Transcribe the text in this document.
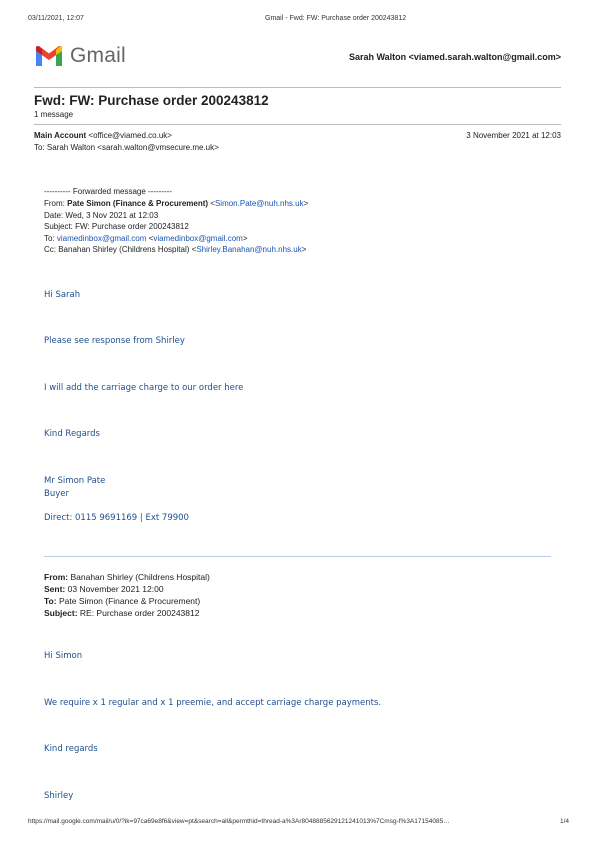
03/11/2021, 12:07	Gmail - Fwd: FW: Purchase order 200243812
Gmail	Sarah Walton <viamed.sarah.walton@gmail.com>
Fwd: FW: Purchase order 200243812
1 message
Main Account <office@viamed.co.uk>	3 November 2021 at 12:03
To: Sarah Walton <sarah.walton@vmsecure.me.uk>
---------- Forwarded message ---------
From: Pate Simon (Finance & Procurement) <Simon.Pate@nuh.nhs.uk>
Date: Wed, 3 Nov 2021 at 12:03
Subject: FW: Purchase order 200243812
To: viamedinbox@gmail.com <viamedinbox@gmail.com>
Cc: Banahan Shirley (Childrens Hospital) <Shirley.Banahan@nuh.nhs.uk>
Hi Sarah
Please see response from Shirley
I will add the carriage charge to our order here
Kind Regards
Mr Simon Pate
Buyer
Direct: 0115 9691169 | Ext 79900
From: Banahan Shirley (Childrens Hospital)
Sent: 03 November 2021 12:00
To: Pate Simon (Finance & Procurement)
Subject: RE: Purchase order 200243812
Hi Simon
We require x 1 regular and x 1 preemie, and accept carriage charge payments.
Kind regards
Shirley
https://mail.google.com/mail/u/0/?ik=97ca69e8f6&view=pt&search=all&permthid=thread-a%3Ar8048885629121241013%7Cmsg-f%3A17154085…	1/4
